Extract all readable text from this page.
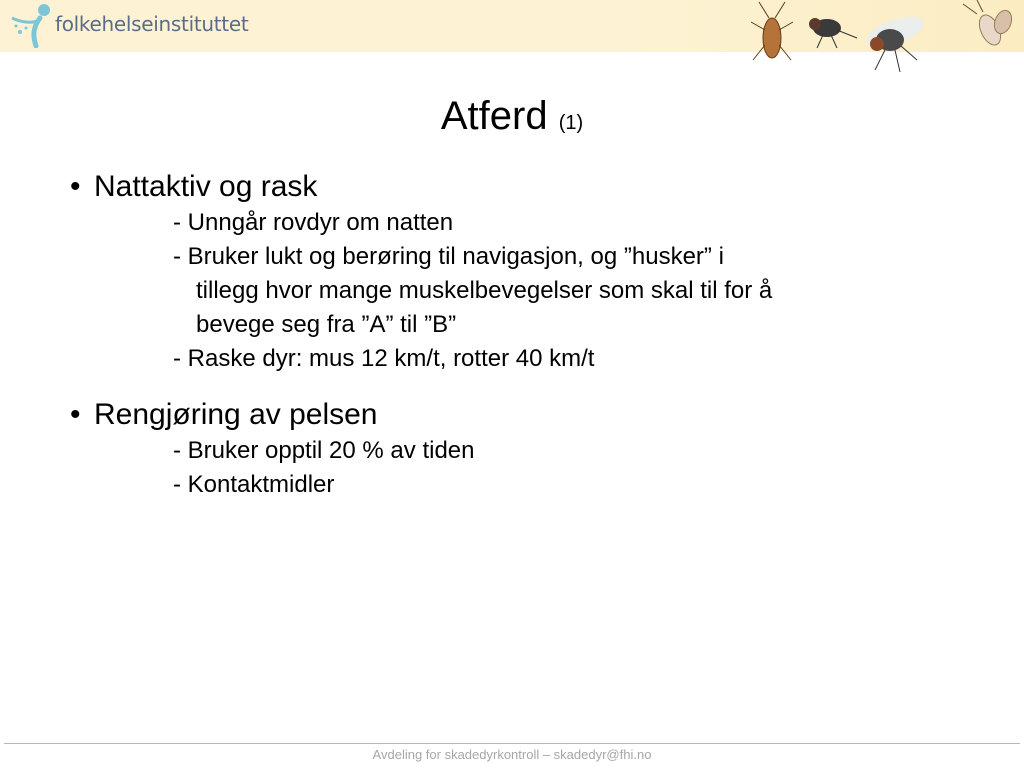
folkehelseinstituttet
Atferd (1)
• Nattaktiv og rask
- Unngår rovdyr om natten
- Bruker lukt og berøring til navigasjon, og ”husker” i
tillegg hvor mange muskelbevegelser som skal til for å
bevege seg fra ”A” til ”B”
- Raske dyr: mus 12 km/t, rotter 40 km/t
• Rengjøring av pelsen
- Bruker opptil 20 % av tiden
- Kontaktmidler
Avdeling for skadedyrkontroll – skadedyr@fhi.no
